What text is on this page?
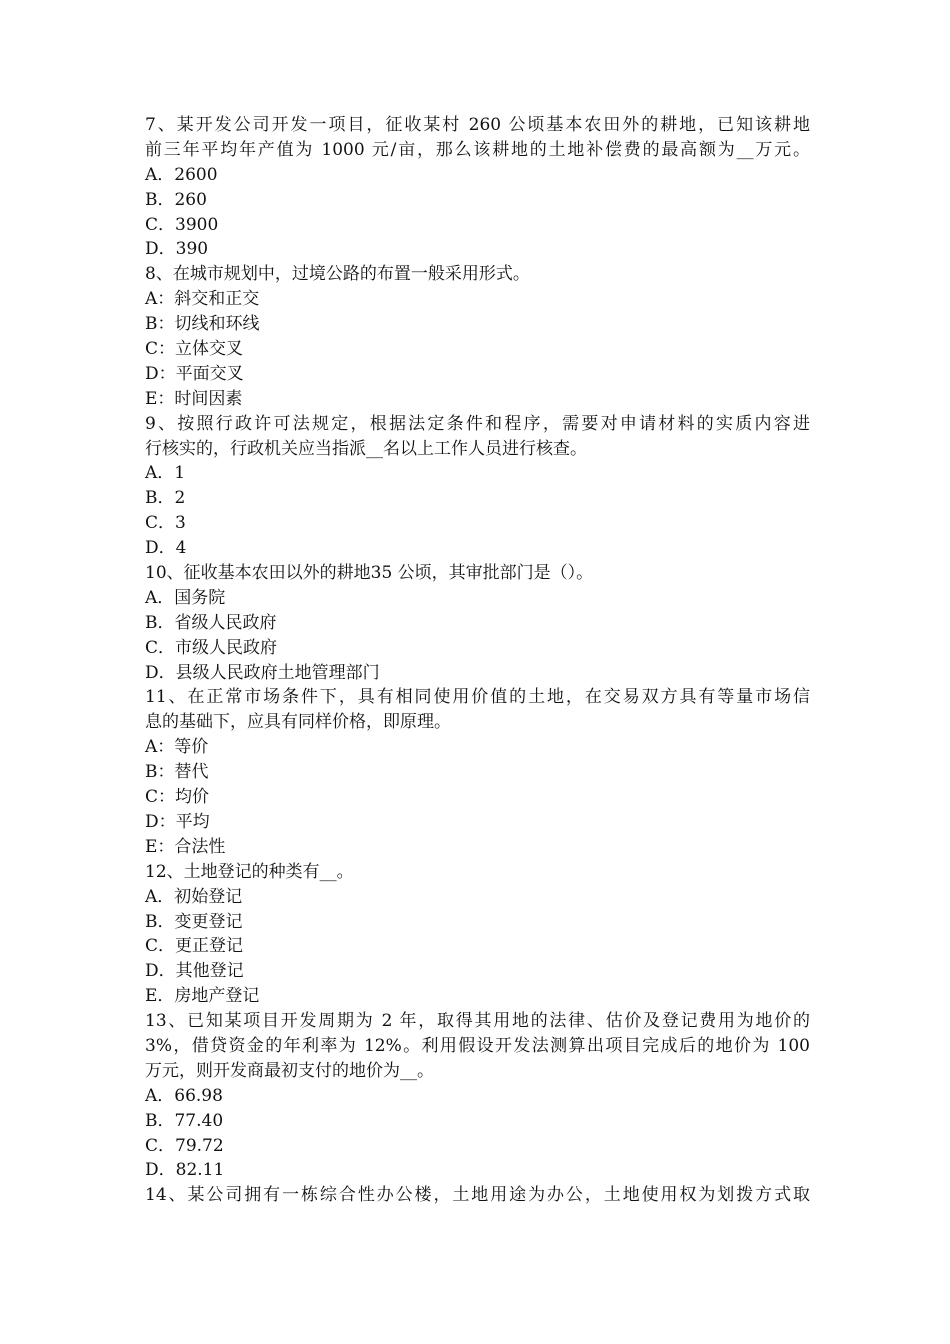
7、某开发公司开发一项目，征收某村 260 公顷基本农田外的耕地，已知该耕地
前三年平均年产值为 1000 元/亩，那么该耕地的土地补偿费的最高额为__万元。
A．2600
B．260
C．3900
D．390
8、在城市规划中，过境公路的布置一般采用形式。
A：斜交和正交
B：切线和环线
C：立体交叉
D：平面交叉
E：时间因素
9、按照行政许可法规定，根据法定条件和程序，需要对申请材料的实质内容进
行核实的，行政机关应当指派__名以上工作人员进行核查。
A．1
B．2
C．3
D．4
10、征收基本农田以外的耕地35 公顷，其审批部门是（）。
A．国务院
B．省级人民政府
C．市级人民政府
D．县级人民政府土地管理部门
11、在正常市场条件下，具有相同使用价值的土地，在交易双方具有等量市场信
息的基础下，应具有同样价格，即原理。
A：等价
B：替代
C：均价
D：平均
E：合法性
12、土地登记的种类有__。
A．初始登记
B．变更登记
C．更正登记
D．其他登记
E．房地产登记
13、已知某项目开发周期为 2 年，取得其用地的法律、估价及登记费用为地价的
3%，借贷资金的年利率为 12%。利用假设开发法测算出项目完成后的地价为 100
万元，则开发商最初支付的地价为__。
A．66.98
B．77.40
C．79.72
D．82.11
14、某公司拥有一栋综合性办公楼，土地用途为办公，土地使用权为划拨方式取
